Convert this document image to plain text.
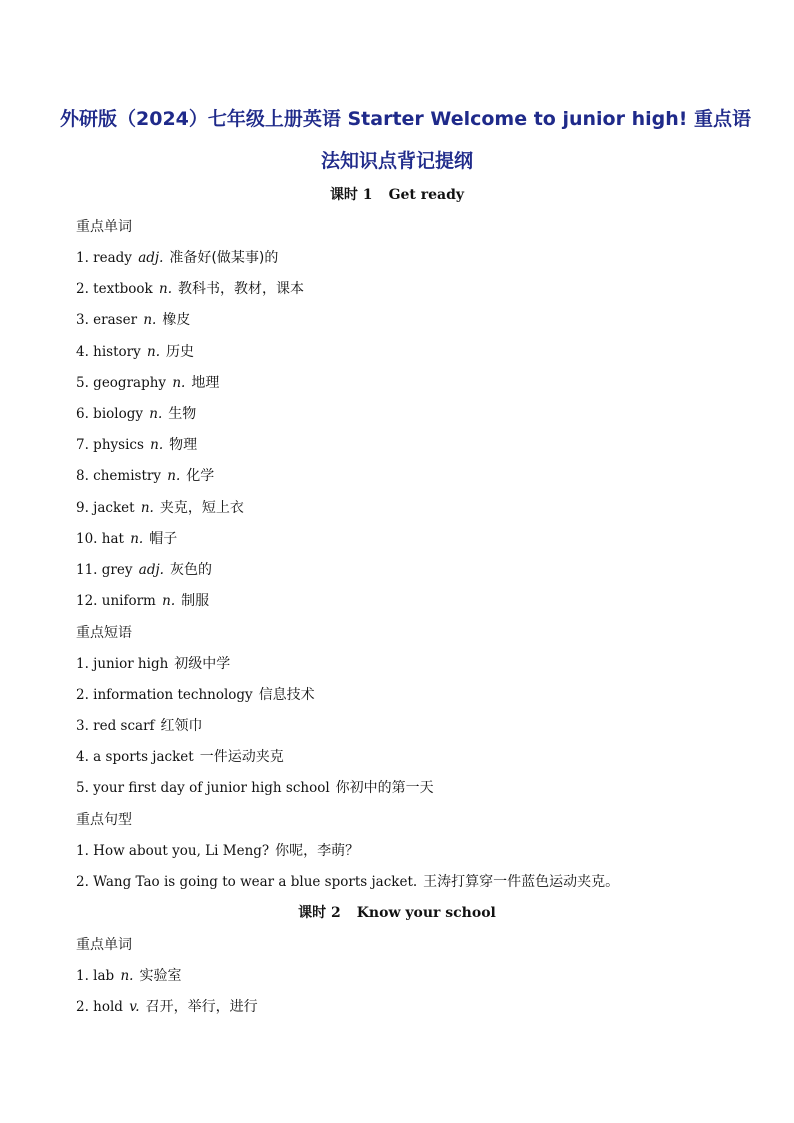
外研版（2024）七年级上册英语 Starter Welcome to junior high! 重点语
法知识点背记提纲
课时 1 Get ready
重点单词
1. ready adj. 准备好(做某事)的
2. textbook n. 教科书，教材，课本
3. eraser n. 橡皮
4. history n. 历史
5. geography n. 地理
6. biology n. 生物
7. physics n. 物理
8. chemistry n. 化学
9. jacket n. 夹克，短上衣
10. hat n. 帽子
11. grey adj. 灰色的
12. uniform n. 制服
重点短语
1. junior high 初级中学
2. information technology 信息技术
3. red scarf 红领巾
4. a sports jacket 一件运动夹克
5. your first day of junior high school 你初中的第一天
重点句型
1. How about you, Li Meng? 你呢，李萌？
2. Wang Tao is going to wear a blue sports jacket. 王涛打算穿一件蓝色运动夹克。
课时 2 Know your school
重点单词
1. lab n. 实验室
2. hold v. 召开，举行，进行
